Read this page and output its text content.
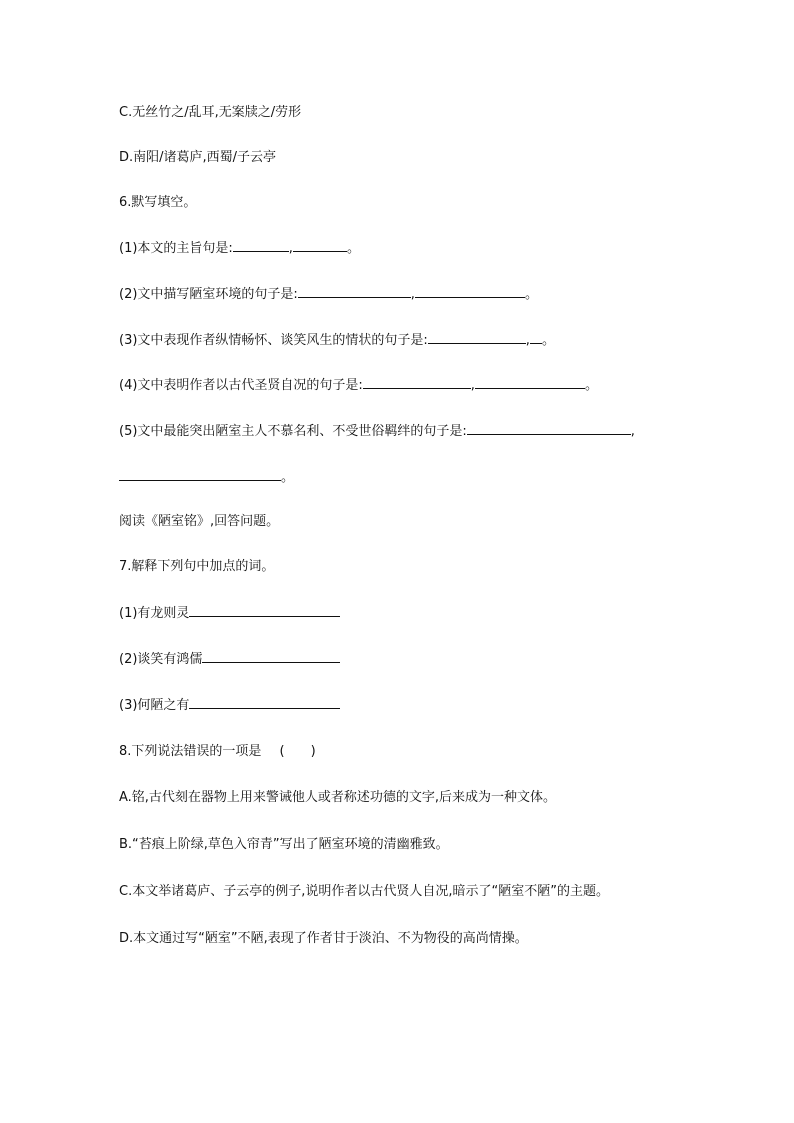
C.无丝竹之/乱耳,无案牍之/劳形
D.南阳/诸葛庐,西蜀/子云亭
6.默写填空。
(1)本文的主旨句是:	,	。
(2)文中描写陋室环境的句子是:	,	。
(3)文中表现作者纵情畅怀、谈笑风生的情状的句子是:	, 。
(4)文中表明作者以古代圣贤自况的句子是:	,	。
(5)文中最能突出陋室主人不慕名利、不受世俗羁绊的句子是:	,
。
阅读《陋室铭》,回答问题。
7.解释下列句中加点的词。
(1)有龙则灵
(2)谈笑有鸿儒
(3)何陋之有
8.下列说法错误的一项是 (　　)
A.铭,古代刻在器物上用来警诫他人或者称述功德的文字,后来成为一种文体。
B.“苔痕上阶绿,草色入帘青”写出了陋室环境的清幽雅致。
C.本文举诸葛庐、子云亭的例子,说明作者以古代贤人自况,暗示了“陋室不陋”的主题。
D.本文通过写“陋室”不陋,表现了作者甘于淡泊、不为物役的高尚情操。
